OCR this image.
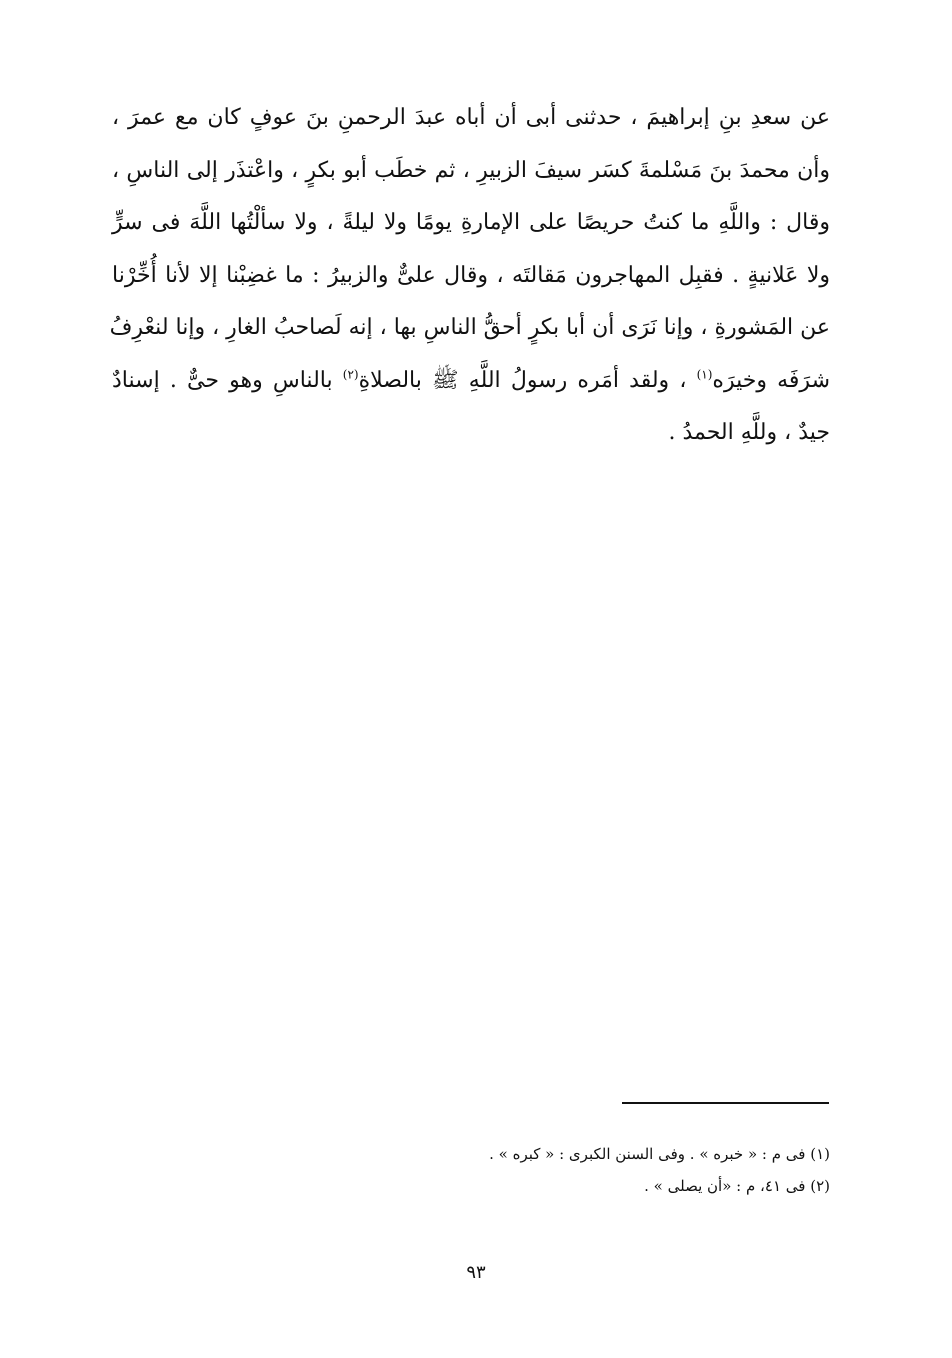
عن سعدِ بنِ إبراهيمَ ، حدثنى أبى أن أباه عبدَ الرحمنِ بنَ عوفٍ كان مع عمرَ ،
وأن محمدَ بنَ مَسْلمةَ كسَر سيفَ الزبيرِ ، ثم خطَب أبو بكرٍ ، واعْتذَر إلى الناسِ ،
وقال : واللَّهِ ما كنتُ حريصًا على الإمارةِ يومًا ولا ليلةً ، ولا سألْتُها اللَّهَ فى سرٍّ
ولا عَلانيةٍ . فقبِل المهاجرون مَقالتَه ، وقال علىٌّ والزبيرُ : ما غضِبْنا إلا لأنا أُخِّرْنا
عن المَشورةِ ، وإنا نَرَى أن أبا بكرٍ أحقُّ الناسِ بها ، إنه لَصاحبُ الغارِ ، وإنا لنعْرِفُ
شرَفَه وخيرَه$^{(١)}$ ، ولقد أمَره رسولُ اللَّهِ ﷺ بالصلاةِ$^{(٢)}$ بالناسِ وهو حىٌّ . إسنادٌ
جيدٌ ، وللَّهِ الحمدُ .
(١) فى م : « خبره » . وفى السنن الكبرى : « كبره » .
(٢) فى ٤١، م : «أن يصلى » .
٩٣
